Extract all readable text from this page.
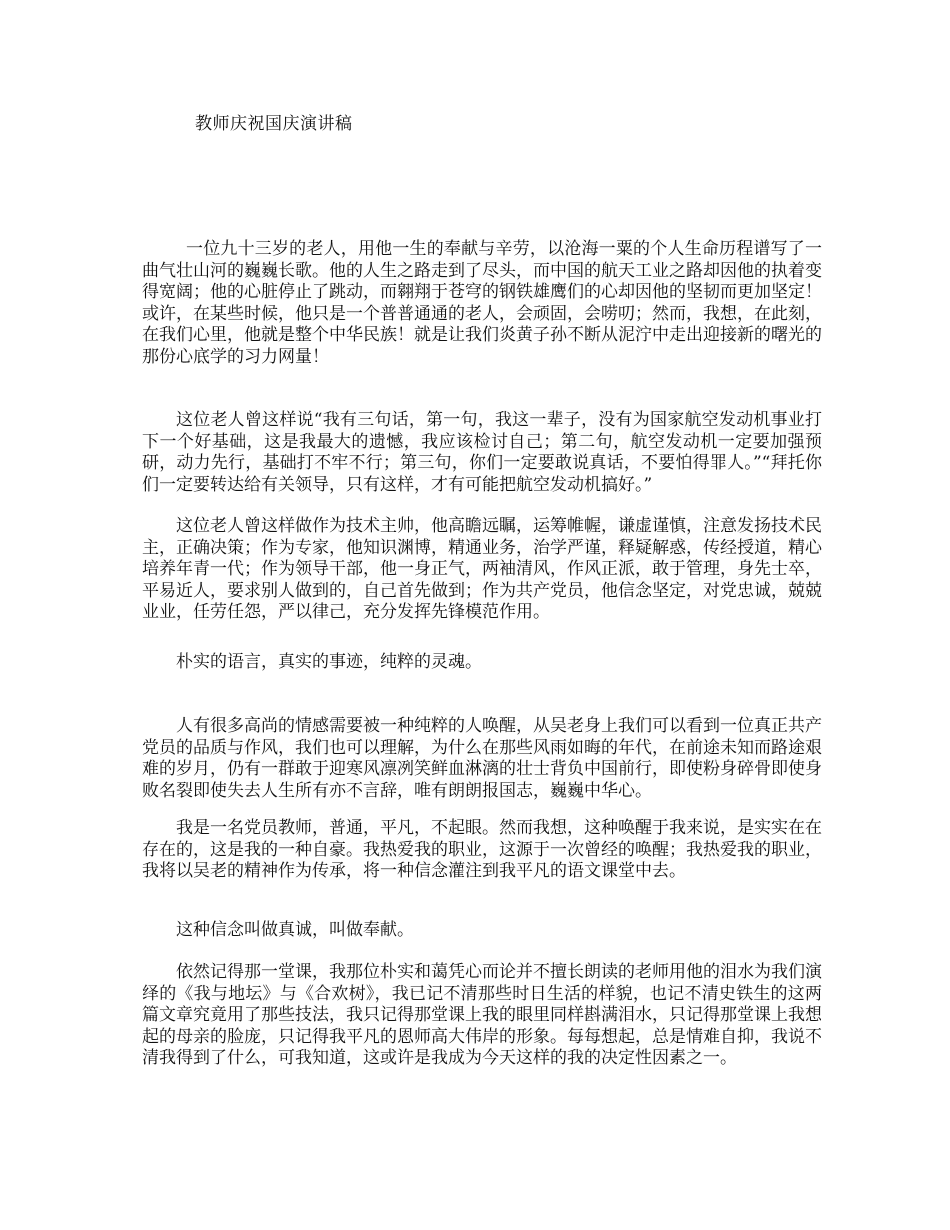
教师庆祝国庆演讲稿

一位九十三岁的老人，用他一生的奉献与辛劳，以沧海一粟的个人生命历程谱写了一曲气壮山河的巍巍长歌。他的人生之路走到了尽头，而中国的航天工业之路却因他的执着变得宽阔；他的心脏停止了跳动，而翱翔于苍穹的钢铁雄鹰们的心却因他的坚韧而更加坚定！或许，在某些时候，他只是一个普普通通的老人，会顽固，会唠叨；然而，我想，在此刻，在我们心里，他就是整个中华民族！就是让我们炎黄子孙不断从泥泞中走出迎接新的曙光的那份心底学的习力网量！

这位老人曾这样说“我有三句话，第一句，我这一辈子，没有为国家航空发动机事业打下一个好基础，这是我最大的遗憾，我应该检讨自己；第二句，航空发动机一定要加强预研，动力先行，基础打不牢不行；第三句，你们一定要敢说真话，不要怕得罪人。”“拜托你们一定要转达给有关领导，只有这样，才有可能把航空发动机搞好。”

这位老人曾这样做作为技术主帅，他高瞻远瞩，运筹帷幄，谦虚谨慎，注意发扬技术民主，正确决策；作为专家，他知识渊博，精通业务，治学严谨，释疑解惑，传经授道，精心培养年青一代；作为领导干部，他一身正气，两袖清风，作风正派，敢于管理，身先士卒，平易近人，要求别人做到的，自己首先做到；作为共产党员，他信念坚定，对党忠诚，兢兢业业，任劳任怨，严以律己，充分发挥先锋模范作用。

朴实的语言，真实的事迹，纯粹的灵魂。

人有很多高尚的情感需要被一种纯粹的人唤醒，从吴老身上我们可以看到一位真正共产党员的品质与作风，我们也可以理解，为什么在那些风雨如晦的年代，在前途未知而路途艰难的岁月，仍有一群敢于迎寒风凛冽笑鲜血淋漓的壮士背负中国前行，即使粉身碎骨即使身败名裂即使失去人生所有亦不言辞，唯有朗朗报国志，巍巍中华心。

我是一名党员教师，普通，平凡，不起眼。然而我想，这种唤醒于我来说，是实实在在存在的，这是我的一种自豪。我热爱我的职业，这源于一次曾经的唤醒；我热爱我的职业，我将以吴老的精神作为传承，将一种信念灌注到我平凡的语文课堂中去。

这种信念叫做真诚，叫做奉献。

依然记得那一堂课，我那位朴实和蔼凭心而论并不擅长朗读的老师用他的泪水为我们演绎的《我与地坛》与《合欢树》，我已记不清那些时日生活的样貌，也记不清史铁生的这两篇文章究竟用了那些技法，我只记得那堂课上我的眼里同样斟满泪水，只记得那堂课上我想起的母亲的脸庞，只记得我平凡的恩师高大伟岸的形象。每每想起，总是情难自抑，我说不清我得到了什么，可我知道，这或许是我成为今天这样的我的决定性因素之一。
